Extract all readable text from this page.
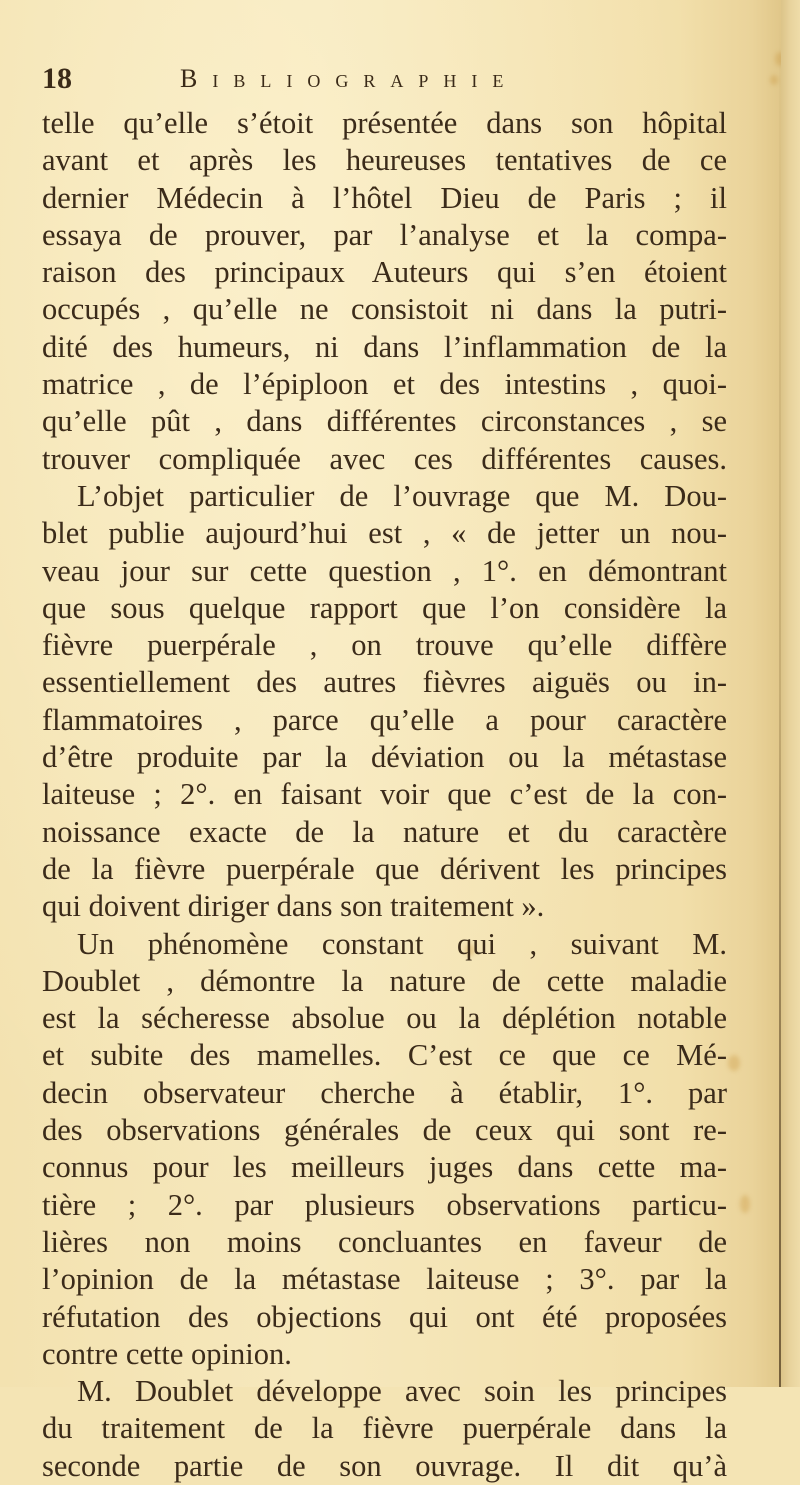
18	Bibliographie
telle qu’elle s’étoit présentée dans son hôpital
avant et après les heureuses tentatives de ce
dernier Médecin à l’hôtel Dieu de Paris ; il
essaya de prouver, par l’analyse et la compa-
raison des principaux Auteurs qui s’en étoient
occupés , qu’elle ne consistoit ni dans la putri-
dité des humeurs, ni dans l’inflammation de la
matrice , de l’épiploon et des intestins , quoi-
qu’elle pût , dans différentes circonstances , se
trouver compliquée avec ces différentes causes.
L’objet particulier de l’ouvrage que M. Dou-
blet publie aujourd’hui est , « de jetter un nou-
veau jour sur cette question , 1°. en démontrant
que sous quelque rapport que l’on considère la
fièvre puerpérale , on trouve qu’elle diffère
essentiellement des autres fièvres aiguës ou in-
flammatoires , parce qu’elle a pour caractère
d’être produite par la déviation ou la métastase
laiteuse ; 2°. en faisant voir que c’est de la con-
noissance exacte de la nature et du caractère
de la fièvre puerpérale que dérivent les principes
qui doivent diriger dans son traitement ».
Un phénomène constant qui , suivant M.
Doublet , démontre la nature de cette maladie
est la sécheresse absolue ou la déplétion notable
et subite des mamelles. C’est ce que ce Mé-
decin observateur cherche à établir, 1°. par
des observations générales de ceux qui sont re-
connus pour les meilleurs juges dans cette ma-
tière ; 2°. par plusieurs observations particu-
lières non moins concluantes en faveur de
l’opinion de la métastase laiteuse ; 3°. par la
réfutation des objections qui ont été proposées
contre cette opinion.
M. Doublet développe avec soin les principes
du traitement de la fièvre puerpérale dans la
seconde partie de son ouvrage. Il dit qu’à
